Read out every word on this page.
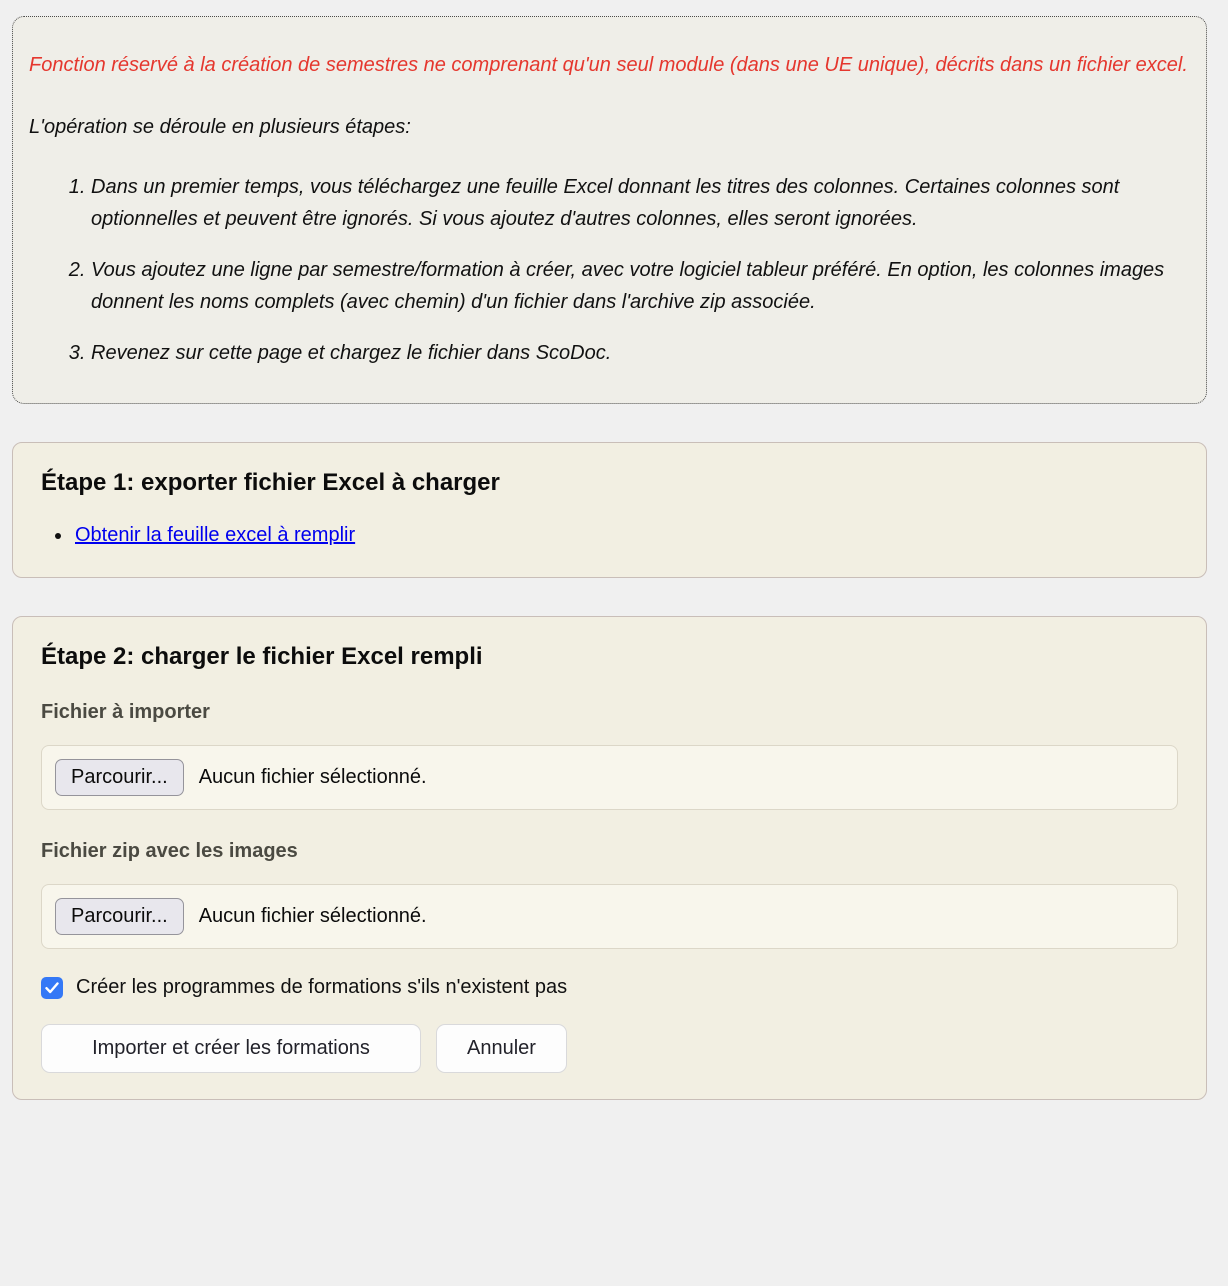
Fonction réservé à la création de semestres ne comprenant qu'un seul module (dans une UE unique), décrits dans un fichier excel.

L'opération se déroule en plusieurs étapes:

1. Dans un premier temps, vous téléchargez une feuille Excel donnant les titres des colonnes. Certaines colonnes sont optionnelles et peuvent être ignorés. Si vous ajoutez d'autres colonnes, elles seront ignorées.
2. Vous ajoutez une ligne par semestre/formation à créer, avec votre logiciel tableur préféré. En option, les colonnes images donnent les noms complets (avec chemin) d'un fichier dans l'archive zip associée.
3. Revenez sur cette page et chargez le fichier dans ScoDoc.
Étape 1: exporter fichier Excel à charger
• Obtenir la feuille excel à remplir
Étape 2: charger le fichier Excel rempli
Fichier à importer
Parcourir...	Aucun fichier sélectionné.
Fichier zip avec les images
Parcourir...	Aucun fichier sélectionné.
Créer les programmes de formations s'ils n'existent pas
Importer et créer les formations	Annuler
